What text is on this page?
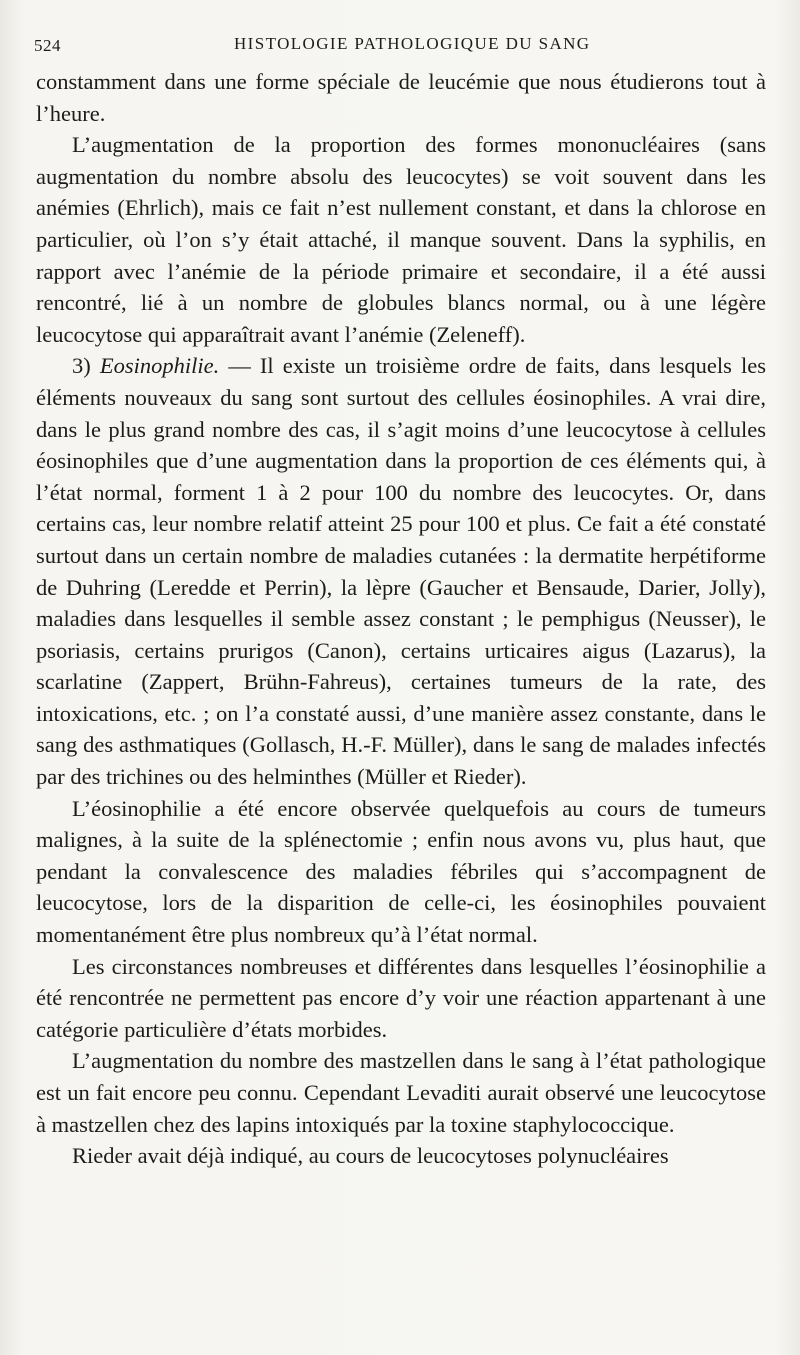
524	HISTOLOGIE PATHOLOGIQUE DU SANG

constamment dans une forme spéciale de leucémie que nous étudierons tout à l’heure.

L’augmentation de la proportion des formes mononucléaires (sans augmentation du nombre absolu des leucocytes) se voit souvent dans les anémies (Ehrlich), mais ce fait n’est nullement constant, et dans la chlorose en particulier, où l’on s’y était attaché, il manque souvent. Dans la syphilis, en rapport avec l’anémie de la période primaire et secondaire, il a été aussi rencontré, lié à un nombre de globules blancs normal, ou à une légère leucocytose qui apparaîtrait avant l’anémie (Zeleneff).

3) Eosinophilie. — Il existe un troisième ordre de faits, dans lesquels les éléments nouveaux du sang sont surtout des cellules éosinophiles. A vrai dire, dans le plus grand nombre des cas, il s’agit moins d’une leucocytose à cellules éosinophiles que d’une augmentation dans la proportion de ces éléments qui, à l’état normal, forment 1 à 2 pour 100 du nombre des leucocytes. Or, dans certains cas, leur nombre relatif atteint 25 pour 100 et plus. Ce fait a été constaté surtout dans un certain nombre de maladies cutanées : la dermatite herpétiforme de Duhring (Leredde et Perrin), la lèpre (Gaucher et Bensaude, Darier, Jolly), maladies dans lesquelles il semble assez constant ; le pemphigus (Neusser), le psoriasis, certains prurigos (Canon), certains urticaires aigus (Lazarus), la scarlatine (Zappert, Brühn-Fahreus), certaines tumeurs de la rate, des intoxications, etc. ; on l’a constaté aussi, d’une manière assez constante, dans le sang des asthmatiques (Gollasch, H.-F. Müller), dans le sang de malades infectés par des trichines ou des helminthes (Müller et Rieder).

L’éosinophilie a été encore observée quelquefois au cours de tumeurs malignes, à la suite de la splénectomie ; enfin nous avons vu, plus haut, que pendant la convalescence des maladies fébriles qui s’accompagnent de leucocytose, lors de la disparition de celle-ci, les éosinophiles pouvaient momentanément être plus nombreux qu’à l’état normal.

Les circonstances nombreuses et différentes dans lesquelles l’éosinophilie a été rencontrée ne permettent pas encore d’y voir une réaction appartenant à une catégorie particulière d’états morbides.

L’augmentation du nombre des mastzellen dans le sang à l’état pathologique est un fait encore peu connu. Cependant Levaditi aurait observé une leucocytose à mastzellen chez des lapins intoxiqués par la toxine staphylococcique.

Rieder avait déjà indiqué, au cours de leucocytoses polynucléaires
